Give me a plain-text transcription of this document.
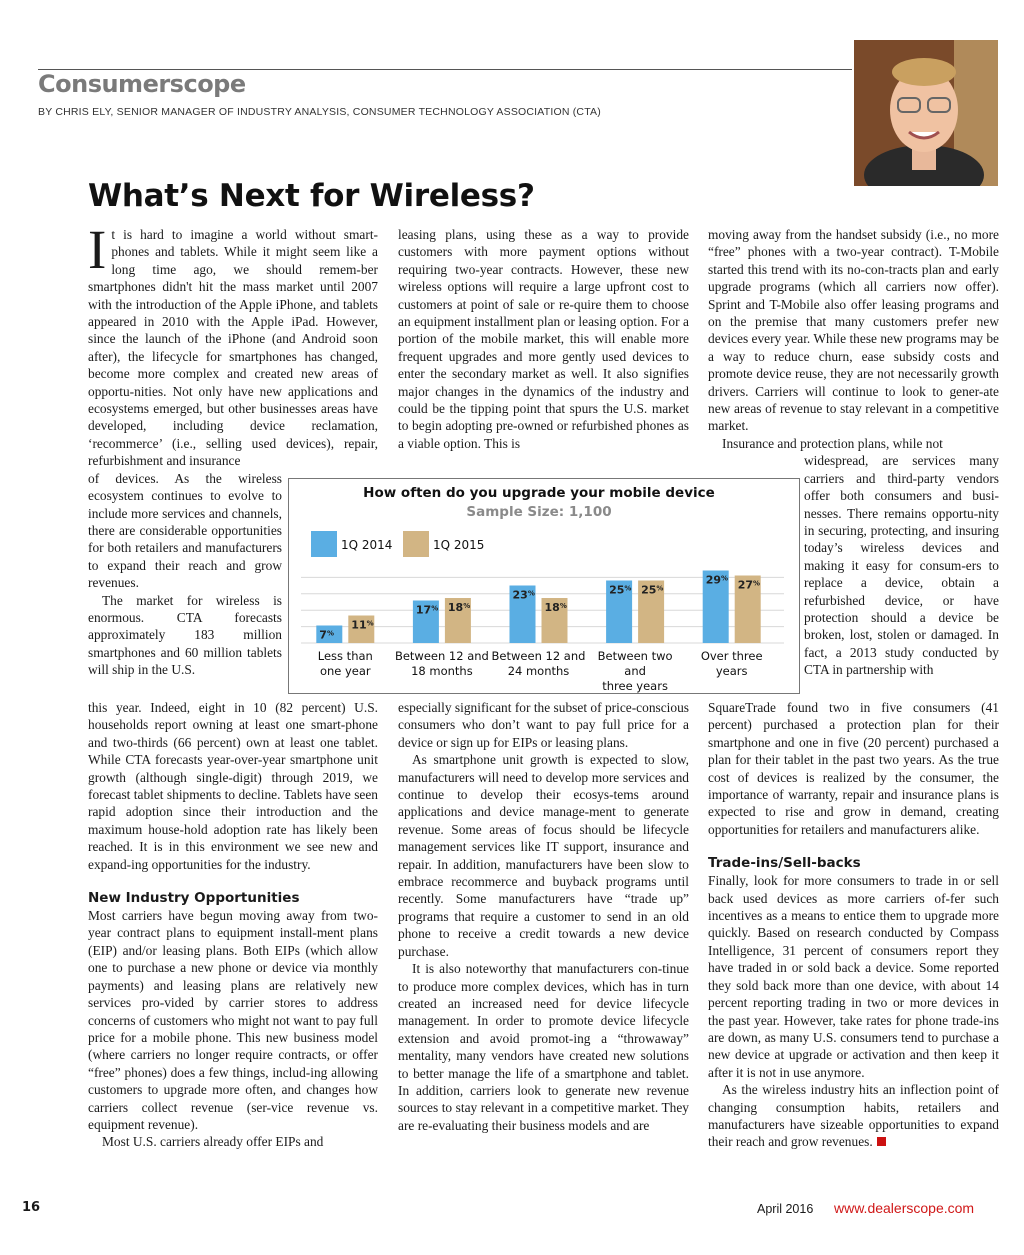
Consumerscope
BY CHRIS ELY, SENIOR MANAGER OF INDUSTRY ANALYSIS, CONSUMER TECHNOLOGY ASSOCIATION (CTA)
What’s Next for Wireless?

It is hard to imagine a world without smart-phones and tablets. While it might seem like a long time ago, we should remem-ber smartphones didn't hit the mass market until 2007 with the introduction of the Apple iPhone, and tablets appeared in 2010 with the Apple iPad. However, since the launch of the iPhone (and Android soon after), the lifecycle for smartphones has changed, become more complex and created new areas of opportu-nities. Not only have new applications and ecosystems emerged, but other businesses areas have developed, including device reclamation, ‘recommerce’ (i.e., selling used devices), repair, refurbishment and insurance

of devices. As the wireless ecosystem continues to evolve to include more services and channels, there are considerable opportunities for both retailers and manufacturers to expand their reach and grow revenues.

The market for wireless is enormous. CTA forecasts approximately 183 million smartphones and 60 million tablets will ship in the U.S.

this year. Indeed, eight in 10 (82 percent) U.S. households report owning at least one smart-phone and two-thirds (66 percent) own at least one tablet. While CTA forecasts year-over-year smartphone unit growth (although single-digit) through 2019, we forecast tablet shipments to decline. Tablets have seen rapid adoption since their introduction and the maximum house-hold adoption rate has likely been reached. It is in this environment we see new and expand-ing opportunities for the industry.

New Industry Opportunities

Most carriers have begun moving away from two-year contract plans to equipment install-ment plans (EIP) and/or leasing plans. Both EIPs (which allow one to purchase a new phone or device via monthly payments) and leasing plans are relatively new services pro-vided by carrier stores to address concerns of customers who might not want to pay full price for a mobile phone. This new business model (where carriers no longer require contracts, or offer “free” phones) does a few things, includ-ing allowing customers to upgrade more often, and changes how carriers collect revenue (ser-vice revenue vs. equipment revenue).

Most U.S. carriers already offer EIPs and

leasing plans, using these as a way to provide customers with more payment options without requiring two-year contracts. However, these new wireless options will require a large upfront cost to customers at point of sale or re-quire them to choose an equipment installment plan or leasing option. For a portion of the mobile market, this will enable more frequent upgrades and more gently used devices to enter the secondary market as well. It also signifies major changes in the dynamics of the industry and could be the tipping point that spurs the U.S. market to begin adopting pre-owned or refurbished phones as a viable option. This is

especially significant for the subset of price-conscious consumers who don’t want to pay full price for a device or sign up for EIPs or leasing plans.

As smartphone unit growth is expected to slow, manufacturers will need to develop more services and continue to develop their ecosys-tems around applications and device manage-ment to generate revenue. Some areas of focus should be lifecycle management services like IT support, insurance and repair. In addition, manufacturers have been slow to embrace recommerce and buyback programs until recently. Some manufacturers have “trade up” programs that require a customer to send in an old phone to receive a credit towards a new device purchase.

It is also noteworthy that manufacturers con-tinue to produce more complex devices, which has in turn created an increased need for device lifecycle management. In order to promote device lifecycle extension and avoid promot-ing a “throwaway” mentality, many vendors have created new solutions to better manage the life of a smartphone and tablet. In addition, carriers look to generate new revenue sources to stay relevant in a competitive market. They are re-evaluating their business models and are

moving away from the handset subsidy (i.e., no more “free” phones with a two-year contract). T-Mobile started this trend with its no-con-tracts plan and early upgrade programs (which all carriers now offer). Sprint and T-Mobile also offer leasing programs and on the premise that many customers prefer new devices every year. While these new programs may be a way to reduce churn, ease subsidy costs and promote device reuse, they are not necessarily growth drivers. Carriers will continue to look to gener-ate new areas of revenue to stay relevant in a competitive market.

Insurance and protection plans, while not

widespread, are services many carriers and third-party vendors offer both consumers and busi-nesses. There remains opportu-nity in securing, protecting, and insuring today’s wireless devices and making it easy for consum-ers to replace a device, obtain a refurbished device, or have protection should a device be broken, lost, stolen or damaged. In fact, a 2013 study conducted by CTA in partnership with

SquareTrade found two in five consumers (41 percent) purchased a protection plan for their smartphone and one in five (20 percent) purchased a plan for their tablet in the past two years. As the true cost of devices is realized by the consumer, the importance of warranty, repair and insurance plans is expected to rise and grow in demand, creating opportunities for retailers and manufacturers alike.

Trade-ins/Sell-backs

Finally, look for more consumers to trade in or sell back used devices as more carriers of-fer such incentives as a means to entice them to upgrade more quickly. Based on research conducted by Compass Intelligence, 31 percent of consumers report they have traded in or sold back a device. Some reported they sold back more than one device, with about 14 percent reporting trading in two or more devices in the past year. However, take rates for phone trade-ins are down, as many U.S. consumers tend to purchase a new device at upgrade or activation and then keep it after it is not in use anymore.

As the wireless industry hits an inflection point of changing consumption habits, retailers and manufacturers have sizeable opportunities to expand their reach and grow revenues.

How often do you upgrade your mobile device
Sample Size: 1,100
1Q 2014	1Q 2015
7%
11%
17% 18%
23%
18%
25% 25%
29% 27%
Less than
one year
Between 12 and
18 months
Between 12 and
24 months
Between two and
three years
Over three
years
16	April 2016 www.dealerscope.com
